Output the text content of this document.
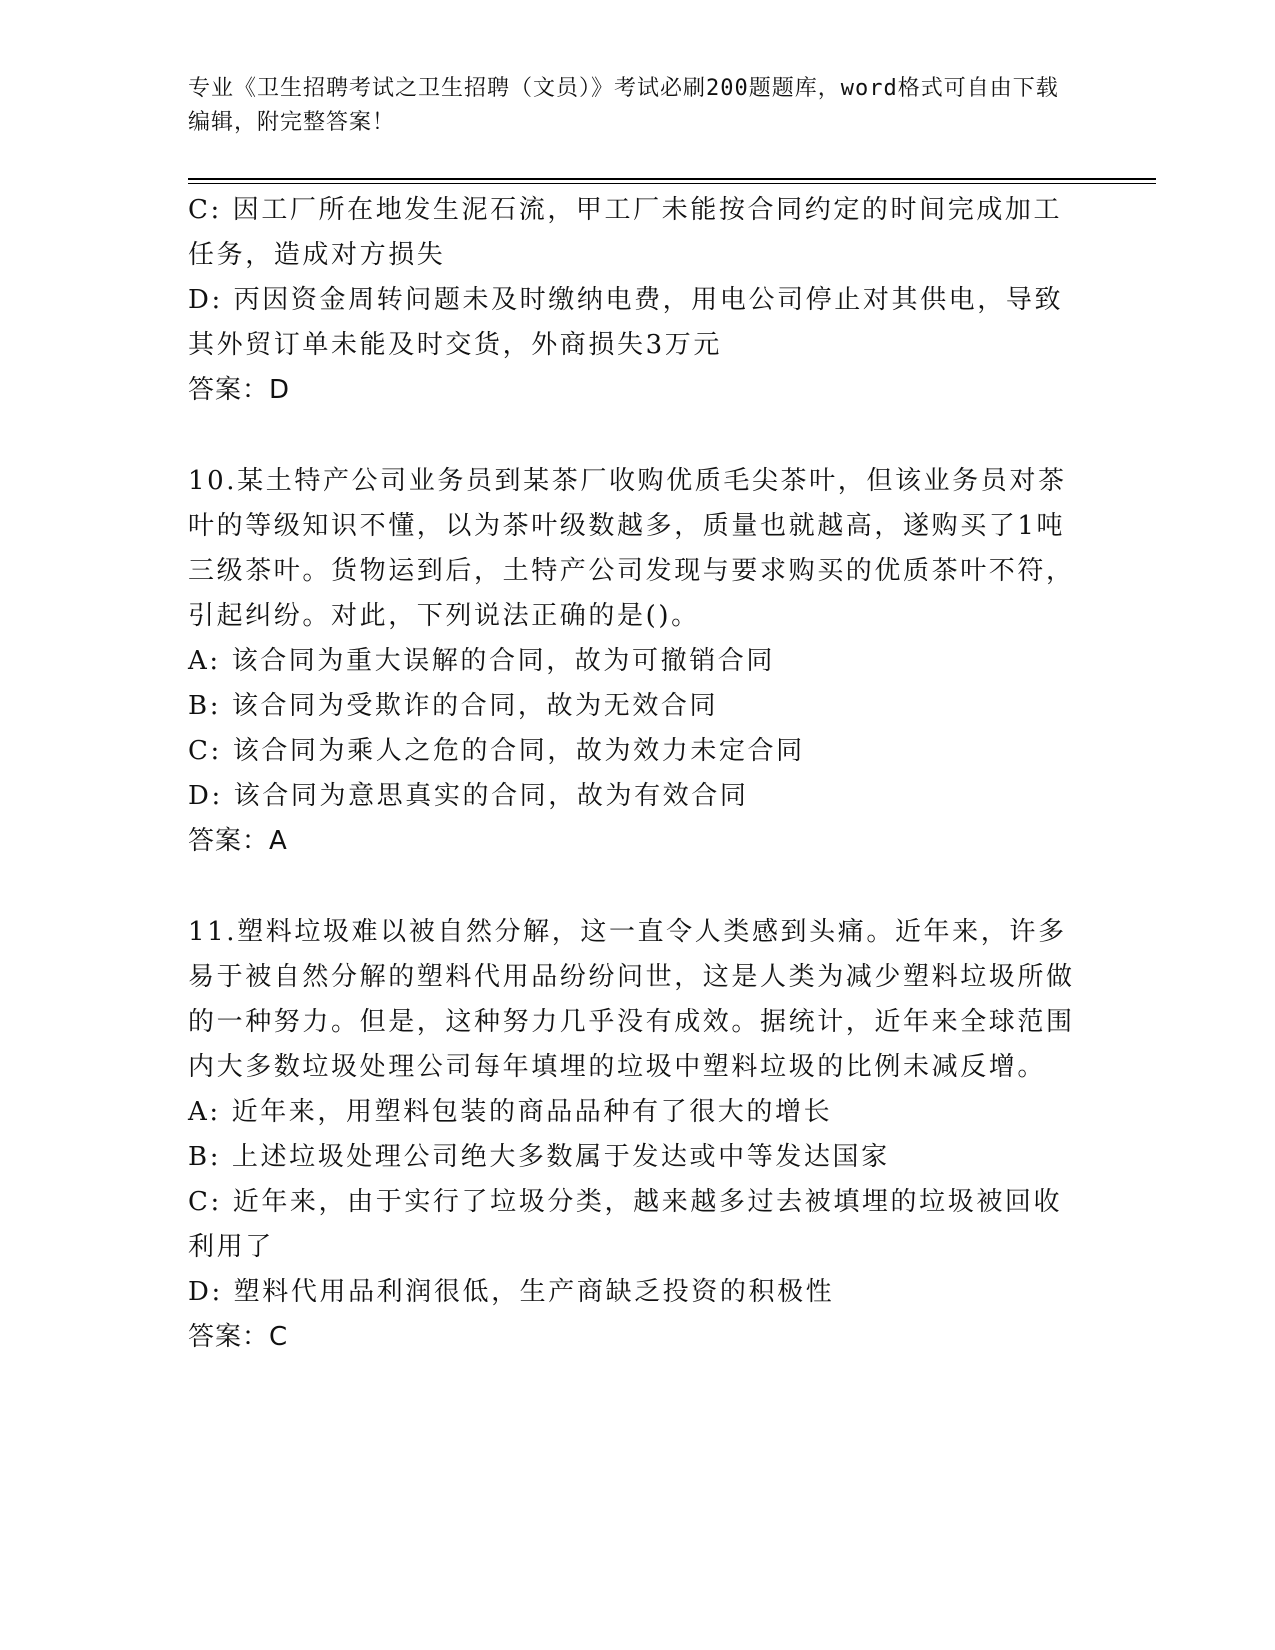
专业《卫生招聘考试之卫生招聘（文员）》考试必刷200题题库，word格式可自由下载编辑，附完整答案！

C: 因工厂所在地发生泥石流，甲工厂未能按合同约定的时间完成加工任务，造成对方损失

D: 丙因资金周转问题未及时缴纳电费，用电公司停止对其供电，导致其外贸订单未能及时交货，外商损失3万元

答案：D

10.某土特产公司业务员到某茶厂收购优质毛尖茶叶，但该业务员对茶叶的等级知识不懂，以为茶叶级数越多，质量也就越高，遂购买了1吨三级茶叶。货物运到后，土特产公司发现与要求购买的优质茶叶不符，引起纠纷。对此，下列说法正确的是()。

A: 该合同为重大误解的合同，故为可撤销合同

B: 该合同为受欺诈的合同，故为无效合同

C: 该合同为乘人之危的合同，故为效力未定合同

D: 该合同为意思真实的合同，故为有效合同

答案：A

11.塑料垃圾难以被自然分解，这一直令人类感到头痛。近年来，许多易于被自然分解的塑料代用品纷纷问世，这是人类为减少塑料垃圾所做的一种努力。但是，这种努力几乎没有成效。据统计，近年来全球范围内大多数垃圾处理公司每年填埋的垃圾中塑料垃圾的比例未减反增。

A: 近年来，用塑料包装的商品品种有了很大的增长

B: 上述垃圾处理公司绝大多数属于发达或中等发达国家

C: 近年来，由于实行了垃圾分类，越来越多过去被填埋的垃圾被回收利用了

D: 塑料代用品利润很低，生产商缺乏投资的积极性

答案：C
